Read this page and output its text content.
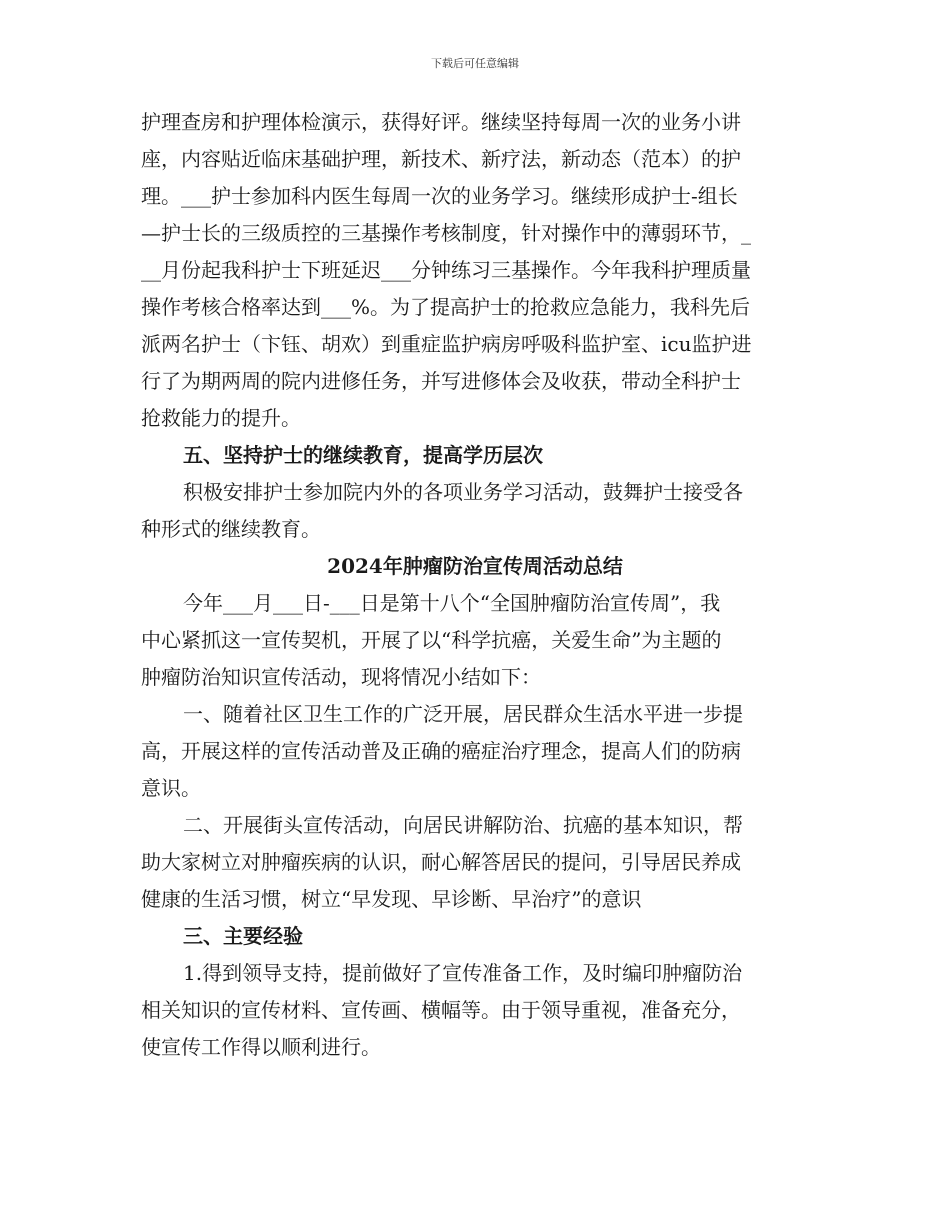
下载后可任意编辑
护理查房和护理体检演示，获得好评。继续坚持每周一次的业务小讲
座，内容贴近临床基础护理，新技术、新疗法，新动态（范本）的护
理。___护士参加科内医生每周一次的业务学习。继续形成护士-组长
—护士长的三级质控的三基操作考核制度，针对操作中的薄弱环节，_
__月份起我科护士下班延迟___分钟练习三基操作。今年我科护理质量
操作考核合格率达到___%。为了提高护士的抢救应急能力，我科先后
派两名护士（卞钰、胡欢）到重症监护病房呼吸科监护室、icu监护进
行了为期两周的院内进修任务，并写进修体会及收获，带动全科护士
抢救能力的提升。
五、坚持护士的继续教育，提高学历层次
积极安排护士参加院内外的各项业务学习活动，鼓舞护士接受各
种形式的继续教育。
2024年肿瘤防治宣传周活动总结
今年___月___日-___日是第十八个“全国肿瘤防治宣传周”，我
中心紧抓这一宣传契机，开展了以“科学抗癌，关爱生命”为主题的
肿瘤防治知识宣传活动，现将情况小结如下：
一、随着社区卫生工作的广泛开展，居民群众生活水平进一步提
高，开展这样的宣传活动普及正确的癌症治疗理念，提高人们的防病
意识。
二、开展街头宣传活动，向居民讲解防治、抗癌的基本知识，帮
助大家树立对肿瘤疾病的认识，耐心解答居民的提问，引导居民养成
健康的生活习惯，树立“早发现、早诊断、早治疗”的意识
三、主要经验
1.得到领导支持，提前做好了宣传准备工作，及时编印肿瘤防治
相关知识的宣传材料、宣传画、横幅等。由于领导重视，准备充分，
使宣传工作得以顺利进行。
